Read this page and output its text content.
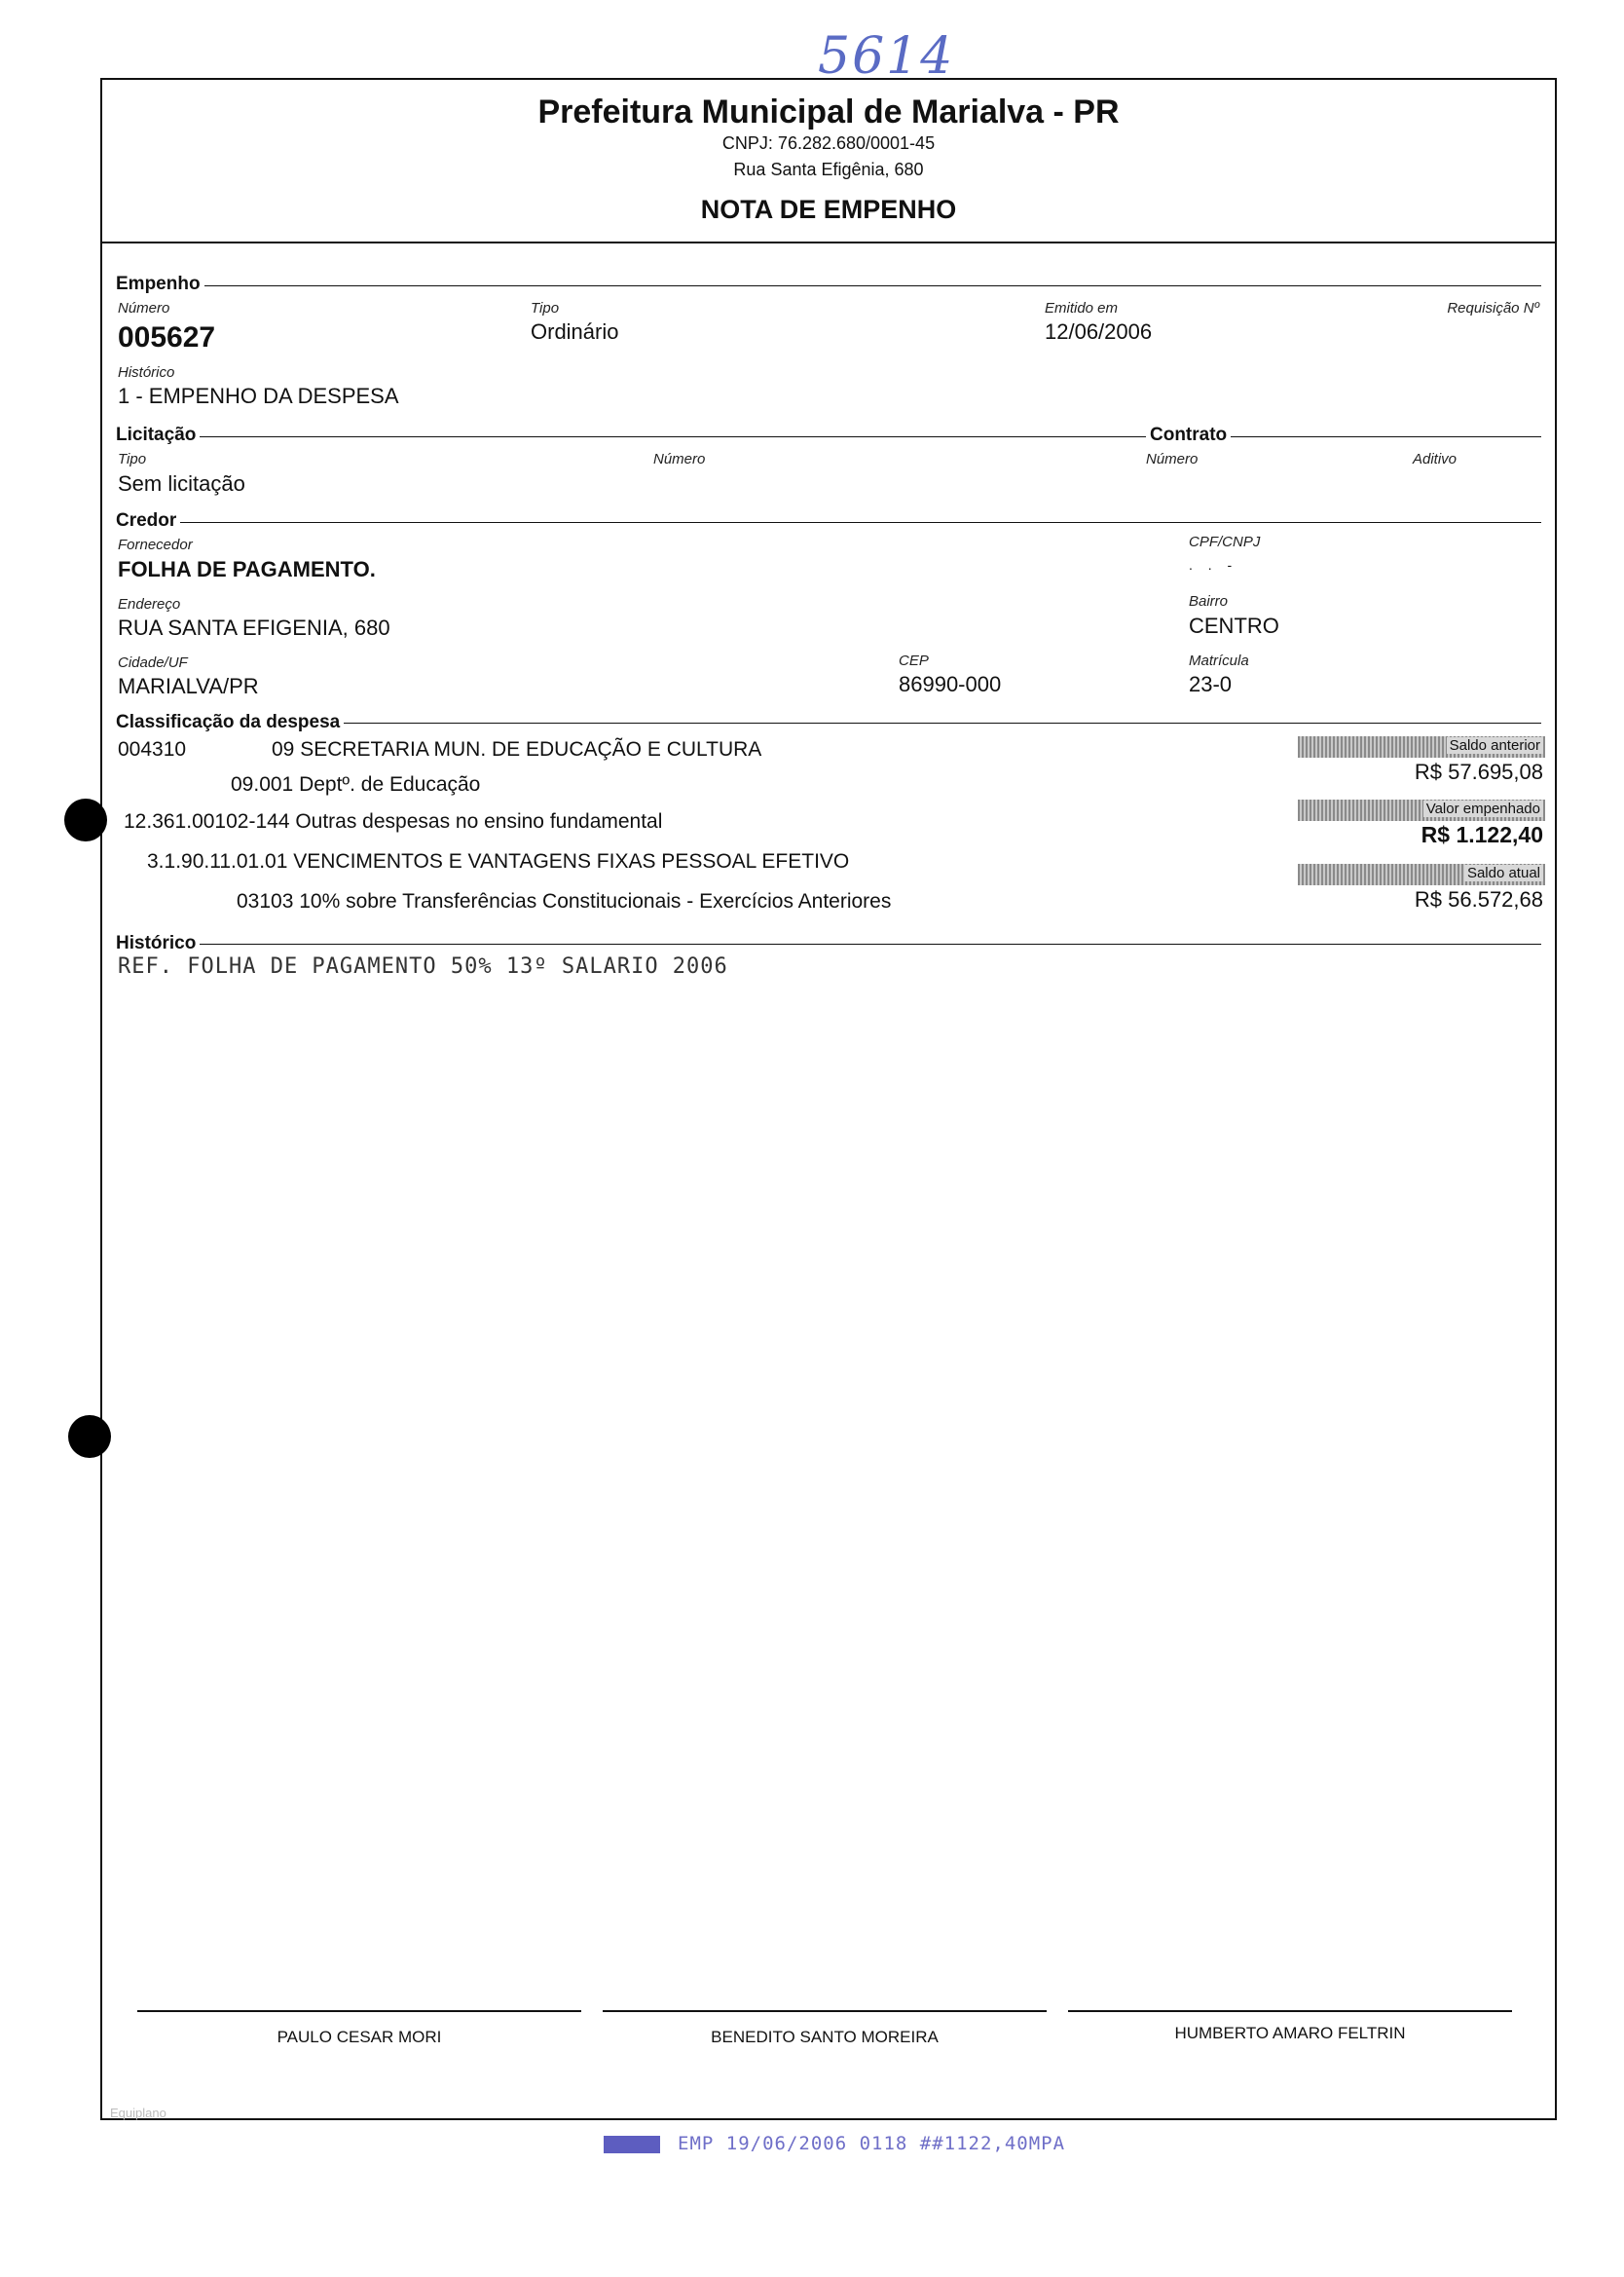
5614
Prefeitura Municipal de Marialva - PR
CNPJ: 76.282.680/0001-45
Rua Santa Efigênia, 680
NOTA DE EMPENHO
Empenho
Número
005627
Tipo
Ordinário
Emitido em
12/06/2006
Requisição Nº
Histórico
1 - EMPENHO DA DESPESA
Licitação	Contrato
Tipo
Sem licitação
Número	Número	Aditivo
Credor
Fornecedor
FOLHA DE PAGAMENTO.
CPF/CNPJ
. . -
Endereço
RUA SANTA EFIGENIA, 680
Bairro
CENTRO
Cidade/UF
MARIALVA/PR
CEP
86990-000
Matrícula
23-0
Classificação da despesa
004310	09 SECRETARIA MUN. DE EDUCAÇÃO E CULTURA
09.001 Deptº. de Educação
12.361.00102-144 Outras despesas no ensino fundamental
3.1.90.11.01.01 VENCIMENTOS E VANTAGENS FIXAS PESSOAL EFETIVO
03103 10% sobre Transferências Constitucionais - Exercícios Anteriores
Saldo anterior
R$ 57.695,08
Valor empenhado
R$ 1.122,40
Saldo atual
R$ 56.572,68
Histórico
REF. FOLHA DE PAGAMENTO 50% 13º SALARIO 2006
PAULO CESAR MORI	BENEDITO SANTO MOREIRA	HUMBERTO AMARO FELTRIN
Equiplano
EMP 19/06/2006 0118 ##1122,40MPA
